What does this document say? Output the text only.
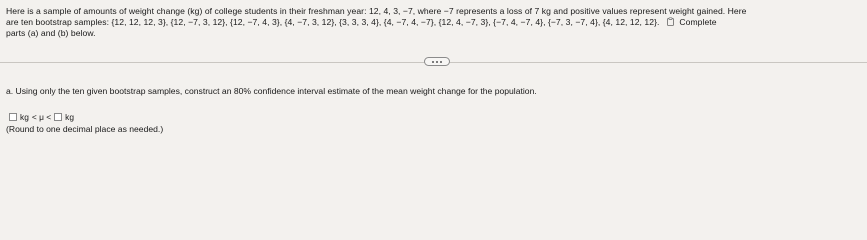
Here is a sample of amounts of weight change (kg) of college students in their freshman year: 12, 4, 3, −7, where −7 represents a loss of 7 kg and positive values represent weight gained. Here
are ten bootstrap samples: {12, 12, 12, 3}, {12, −7, 3, 12}, {12, −7, 4, 3}, {4, −7, 3, 12}, {3, 3, 3, 4}, {4, −7, 4, −7}, {12, 4, −7, 3}, {−7, 4, −7, 4}, {−7, 3, −7, 4}, {4, 12, 12, 12}. Complete
parts (a) and (b) below.
a. Using only the ten given bootstrap samples, construct an 80% confidence interval estimate of the mean weight change for the population.
kg < μ < kg
(Round to one decimal place as needed.)
